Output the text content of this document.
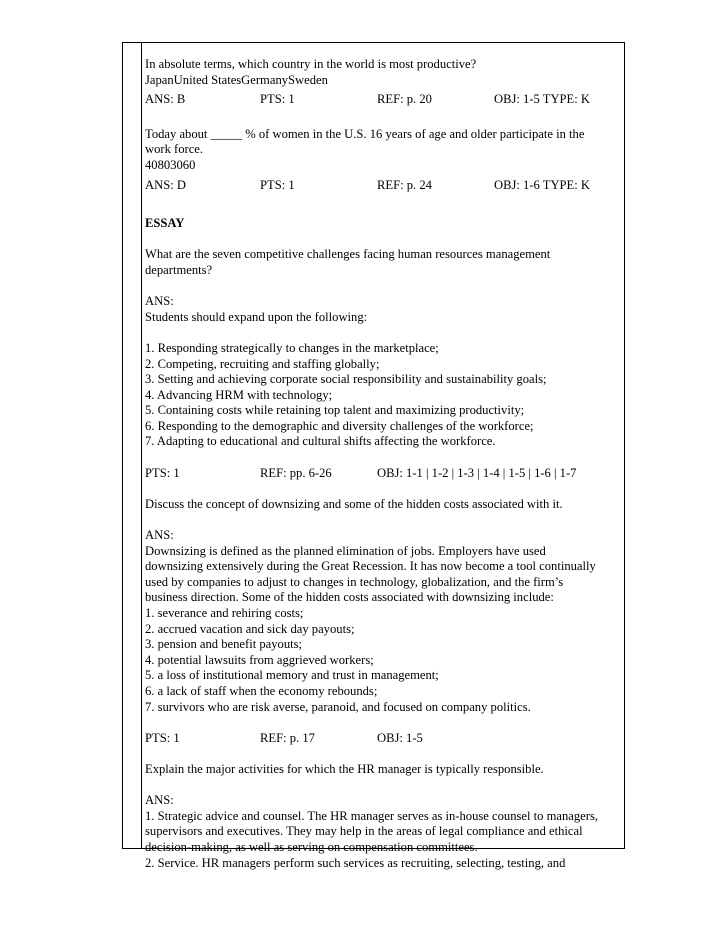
In absolute terms, which country in the world is most productive?
JapanUnited StatesGermanySweden
ANS: B	PTS: 1	REF: p. 20	OBJ: 1-5 TYPE: K
Today about _____ % of women in the U.S. 16 years of age and older participate in the
work force.
40803060
ANS: D	PTS: 1	REF: p. 24	OBJ: 1-6 TYPE: K
ESSAY
What are the seven competitive challenges facing human resources management
departments?
ANS:
Students should expand upon the following:
1. Responding strategically to changes in the marketplace;
2. Competing, recruiting and staffing globally;
3. Setting and achieving corporate social responsibility and sustainability goals;
4. Advancing HRM with technology;
5. Containing costs while retaining top talent and maximizing productivity;
6. Responding to the demographic and diversity challenges of the workforce;
7. Adapting to educational and cultural shifts affecting the workforce.
PTS: 1	REF: pp. 6-26	OBJ: 1-1 | 1-2 | 1-3 | 1-4 | 1-5 | 1-6 | 1-7
Discuss the concept of downsizing and some of the hidden costs associated with it.
ANS:
Downsizing is defined as the planned elimination of jobs. Employers have used
downsizing extensively during the Great Recession. It has now become a tool continually
used by companies to adjust to changes in technology, globalization, and the firm’s
business direction. Some of the hidden costs associated with downsizing include:
1. severance and rehiring costs;
2. accrued vacation and sick day payouts;
3. pension and benefit payouts;
4. potential lawsuits from aggrieved workers;
5. a loss of institutional memory and trust in management;
6. a lack of staff when the economy rebounds;
7. survivors who are risk averse, paranoid, and focused on company politics.
PTS: 1	REF: p. 17	OBJ: 1-5
Explain the major activities for which the HR manager is typically responsible.
ANS:
1. Strategic advice and counsel. The HR manager serves as in-house counsel to managers,
supervisors and executives. They may help in the areas of legal compliance and ethical
decision-making, as well as serving on compensation committees.
2. Service. HR managers perform such services as recruiting, selecting, testing, and
